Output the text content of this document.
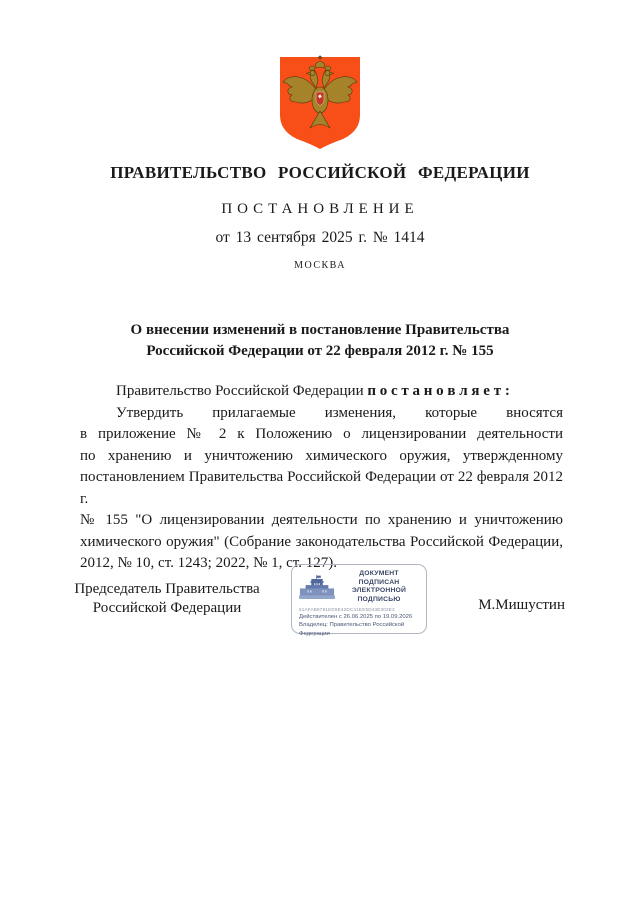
ПРАВИТЕЛЬСТВО РОССИЙСКОЙ ФЕДЕРАЦИИ
ПОСТАНОВЛЕНИЕ
от 13 сентября 2025 г. № 1414
МОСКВА
О внесении изменений в постановление Правительства
Российской Федерации от 22 февраля 2012 г. № 155
Правительство Российской Федерации п о с т а н о в л я е т :
Утвердить прилагаемые изменения, которые вносятся
в приложение № 2 к Положению о лицензировании деятельности
по хранению и уничтожению химического оружия, утвержденному
постановлением Правительства Российской Федерации от 22 февраля 2012 г.
№ 155 "О лицензировании деятельности по хранению и уничтожению
химического оружия" (Собрание законодательства Российской Федерации,
2012, № 10, ст. 1243; 2022, № 1, ст. 127).
Председатель Правительства
Российской Федерации
ДОКУМЕНТ ПОДПИСАН
ЭЛЕКТРОННОЙ ПОДПИСЬЮ
51AFAB8781ED9E42DC41EE5D43E303E3
Действителен с 26.06.2025 по 19.09.2026
Владелец: Правительство Российской
Федерации
М.Мишустин
